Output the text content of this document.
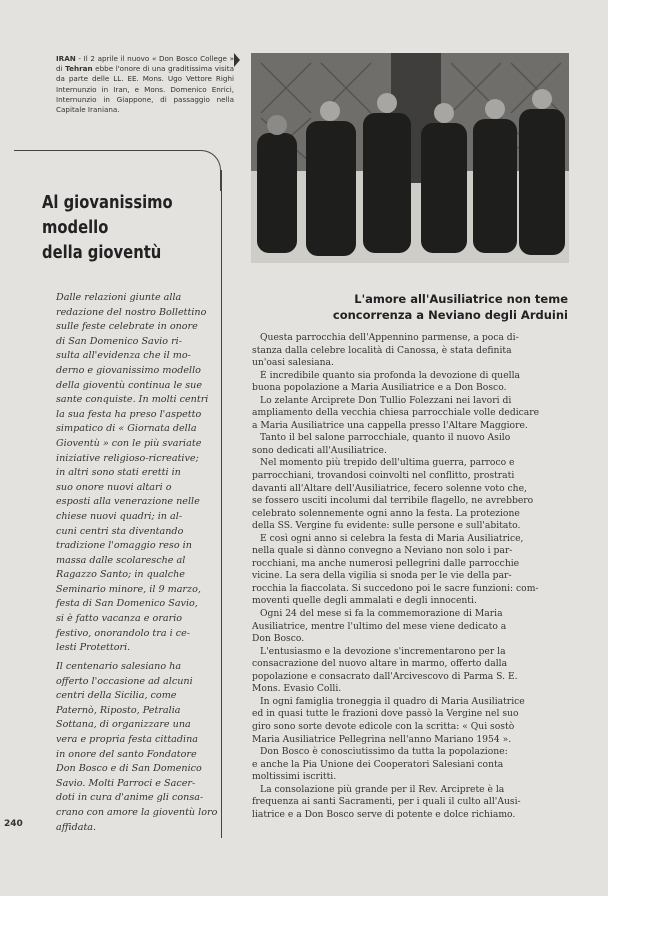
IRAN - Il 2 aprile il nuovo « Don Bosco College » di Tehran ebbe l'onore di una graditissima visita da parte delle LL. EE. Mons. Ugo Vettore Righi Internunzio in Iran, e Mons. Domenico Enrici, Internunzio in Giappone, di passaggio nella Capitale Iraniana.
Al giovanissimo
modello
della gioventù
Dalle relazioni giunte alla
redazione del nostro Bollettino
sulle feste celebrate in onore
di San Domenico Savio ri-
sulta all'evidenza che il mo-
derno e giovanissimo modello
della gioventù continua le sue
sante conquiste. In molti centri
la sua festa ha preso l'aspetto
simpatico di « Giornata della
Gioventù » con le più svariate
iniziative religioso-ricreative;
in altri sono stati eretti in
suo onore nuovi altari o
esposti alla venerazione nelle
chiese nuovi quadri; in al-
cuni centri sta diventando
tradizione l'omaggio reso in
massa dalle scolaresche al
Ragazzo Santo; in qualche
Seminario minore, il 9 marzo,
festa di San Domenico Savio,
si è fatto vacanza e orario
festivo, onorandolo tra i ce-
lesti Protettori.
Il centenario salesiano ha
offerto l'occasione ad alcuni
centri della Sicilia, come
Paternò, Riposto, Petralia
Sottana, di organizzare una
vera e propria festa cittadina
in onore del santo Fondatore
Don Bosco e di San Domenico
Savio. Molti Parroci e Sacer-
doti in cura d'anime gli consa-
crano con amore la gioventù loro
affidata.
240
L'amore all'Ausiliatrice non teme
concorrenza a Neviano degli Arduini
Questa parrocchia dell'Appennino parmense, a poca di-
stanza dalla celebre località di Canossa, è stata definita
un'oasi salesiana.
È incredibile quanto sia profonda la devozione di quella
buona popolazione a Maria Ausiliatrice e a Don Bosco.
Lo zelante Arciprete Don Tullio Folezzani nei lavori di
ampliamento della vecchia chiesa parrocchiale volle dedicare
a Maria Ausiliatrice una cappella presso l'Altare Maggiore.
Tanto il bel salone parrocchiale, quanto il nuovo Asilo
sono dedicati all'Ausiliatrice.
Nel momento più trepido dell'ultima guerra, parroco e
parrocchiani, trovandosi coinvolti nel conflitto, prostrati
davanti all'Altare dell'Ausiliatrice, fecero solenne voto che,
se fossero usciti incolumi dal terribile flagello, ne avrebbero
celebrato solennemente ogni anno la festa. La protezione
della SS. Vergine fu evidente: sulle persone e sull'abitato.
E così ogni anno si celebra la festa di Maria Ausiliatrice,
nella quale si dànno convegno a Neviano non solo i par-
rocchiani, ma anche numerosi pellegrini dalle parrocchie
vicine. La sera della vigilia si snoda per le vie della par-
rocchia la fiaccolata. Si succedono poi le sacre funzioni: com-
moventi quelle degli ammalati e degli innocenti.
Ogni 24 del mese si fa la commemorazione di Maria
Ausiliatrice, mentre l'ultimo del mese viene dedicato a
Don Bosco.
L'entusiasmo e la devozione s'incrementarono per la
consacrazione del nuovo altare in marmo, offerto dalla
popolazione e consacrato dall'Arcivescovo di Parma S. E.
Mons. Evasio Colli.
In ogni famiglia troneggia il quadro di Maria Ausiliatrice
ed in quasi tutte le frazioni dove passò la Vergine nel suo
giro sono sorte devote edicole con la scritta: « Qui sostò
Maria Ausiliatrice Pellegrina nell'anno Mariano 1954 ».
Don Bosco è conosciutissimo da tutta la popolazione:
e anche la Pia Unione dei Cooperatori Salesiani conta
moltissimi iscritti.
La consolazione più grande per il Rev. Arciprete è la
frequenza ai santi Sacramenti, per i quali il culto all'Ausi-
liatrice e a Don Bosco serve di potente e dolce richiamo.
